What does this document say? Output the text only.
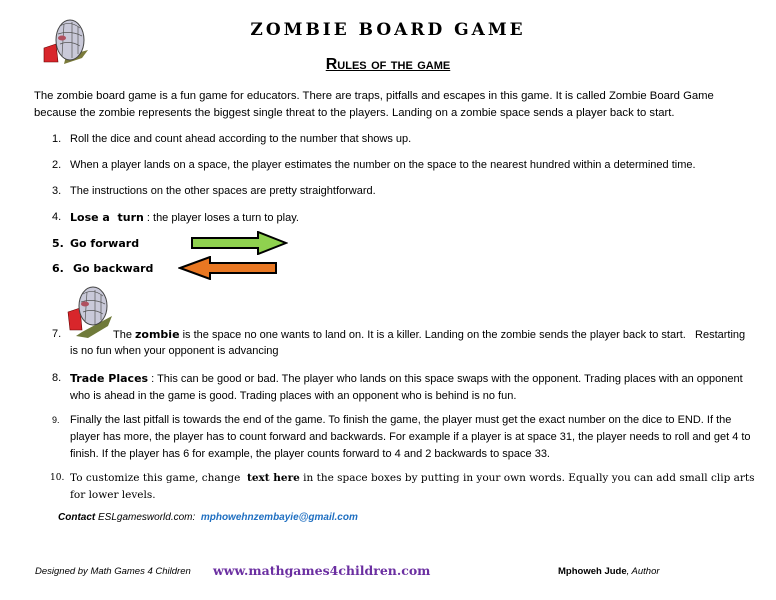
ZOMBIE BOARD GAME
Rules of the game
The zombie board game is a fun game for educators. There are traps, pitfalls and escapes in this game. It is called Zombie Board Game because the zombie represents the biggest single threat to the players. Landing on a zombie space sends a player back to start.
1. Roll the dice and count ahead according to the number that shows up.
2. When a player lands on a space, the player estimates the number on the space to the nearest hundred within a determined time.
3. The instructions on the other spaces are pretty straightforward.
4. Lose a  turn : the player loses a turn to play.
5. Go forward
6. Go backward
7.	The zombie is the space no one wants to land on. It is a killer. Landing on the zombie sends the player back to start.   Restarting
is no fun when your opponent is advancing
8. Trade Places : This can be good or bad. The player who lands on this space swaps with the opponent. Trading places with an opponent who is ahead in the game is good. Trading places with an opponent who is behind is no fun.
9. Finally the last pitfall is towards the end of the game. To finish the game, the player must get the exact number on the dice to END. If the player has more, the player has to count forward and backwards. For example if a player is at space 31, the player needs to roll and get 4 to finish. If the player has 6 for example, the player counts forward to 4 and 2 backwards to space 33.
10. To customize this game, change  text here in the space boxes by putting in your own words. Equally you can add small clip arts for lower levels.
Contact ESLgamesworld.com:  mphowehnzembayie@gmail.com
Designed by Math Games 4 Children www.mathgames4children.com	Mphoweh Jude, Author
